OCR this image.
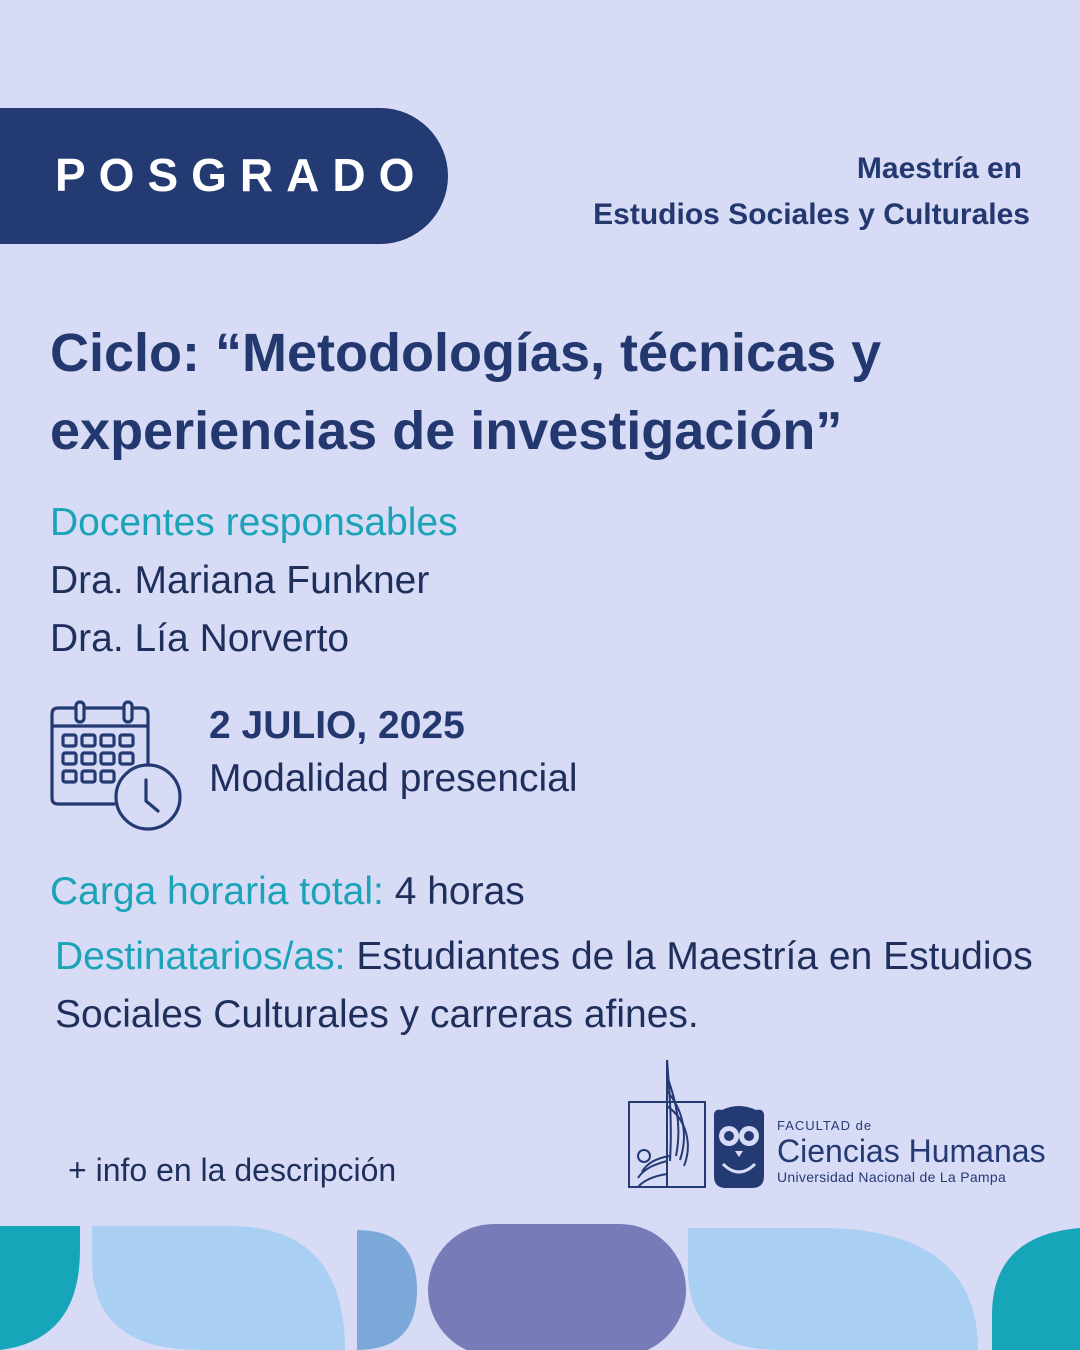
POSGRADO	Maestría en
Estudios Sociales y Culturales
Ciclo: “Metodologías, técnicas y
experiencias de investigación”
Docentes responsables
Dra. Mariana Funkner
Dra. Lía Norverto
2 JULIO, 2025
Modalidad presencial
Carga horaria total: 4 horas
Destinatarios/as: Estudiantes de la Maestría en Estudios Sociales Culturales y carreras afines.
+ info en la descripción
FACULTAD de
Ciencias Humanas
Universidad Nacional de La Pampa
